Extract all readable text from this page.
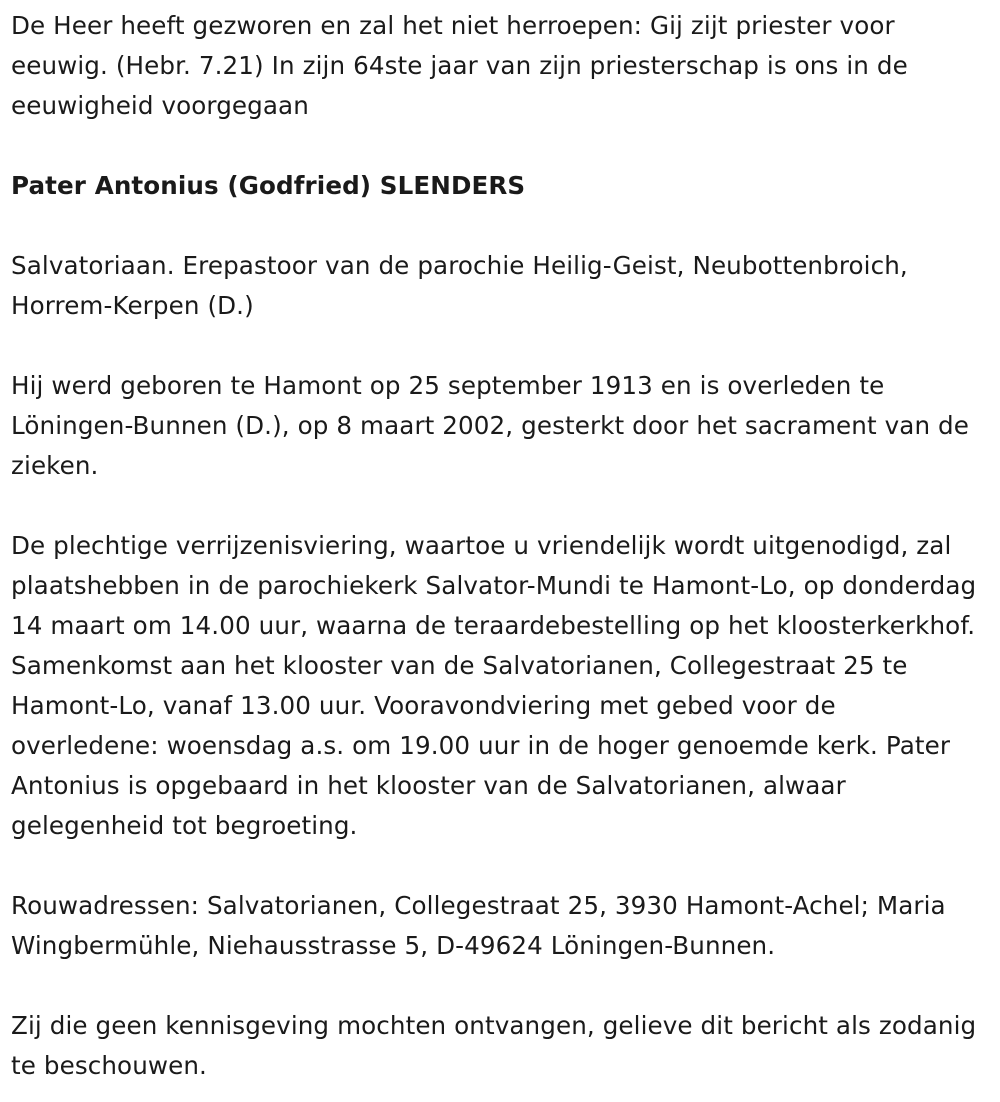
De Heer heeft gezworen en zal het niet herroepen: Gij zijt priester voor eeuwig. (Hebr. 7.21) In zijn 64ste jaar van zijn priesterschap is ons in de eeuwigheid voorgegaan

Pater Antonius (Godfried) SLENDERS

Salvatoriaan. Erepastoor van de parochie Heilig-Geist, Neubottenbroich, Horrem-Kerpen (D.)

Hij werd geboren te Hamont op 25 september 1913 en is overleden te Löningen-Bunnen (D.), op 8 maart 2002, gesterkt door het sacrament van de zieken.

De plechtige verrijzenisviering, waartoe u vriendelijk wordt uitgenodigd, zal plaatshebben in de parochiekerk Salvator-Mundi te Hamont-Lo, op donderdag 14 maart om 14.00 uur, waarna de teraardebestelling op het kloosterkerkhof. Samenkomst aan het klooster van de Salvatorianen, Collegestraat 25 te Hamont-Lo, vanaf 13.00 uur. Vooravondviering met gebed voor de overledene: woensdag a.s. om 19.00 uur in de hoger genoemde kerk. Pater Antonius is opgebaard in het klooster van de Salvatorianen, alwaar gelegenheid tot begroeting.

Rouwadressen: Salvatorianen, Collegestraat 25, 3930 Hamont-Achel; Maria Wingbermühle, Niehausstrasse 5, D-49624 Löningen-Bunnen.

Zij die geen kennisgeving mochten ontvangen, gelieve dit bericht als zodanig te beschouwen.
